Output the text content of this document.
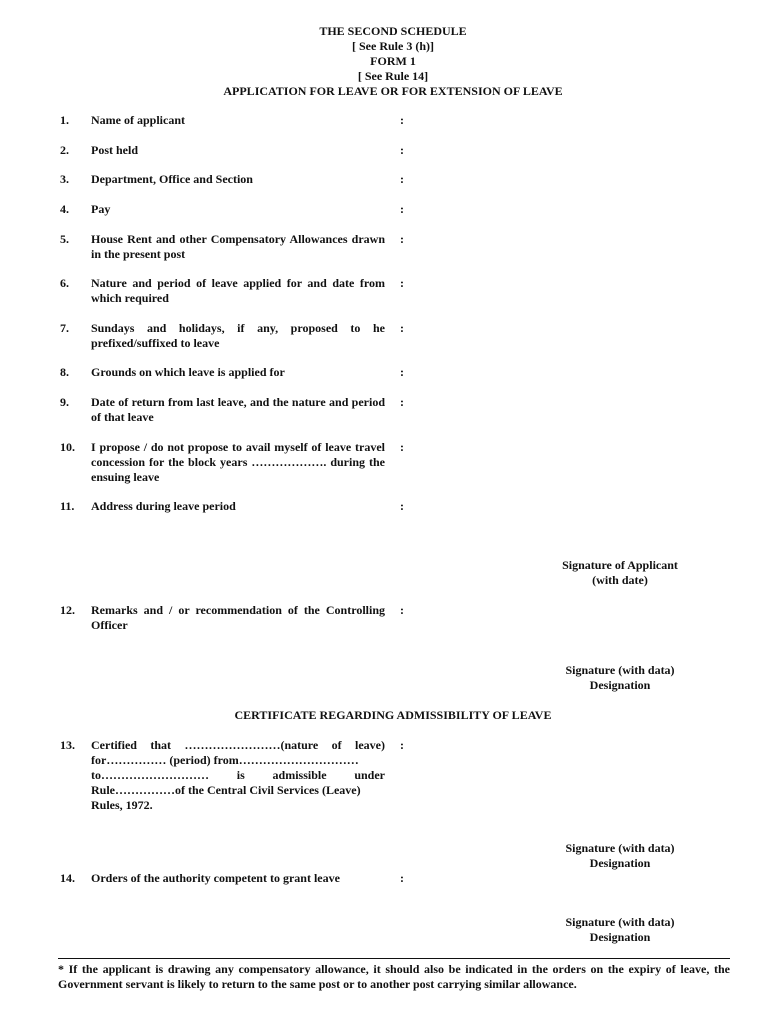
THE SECOND SCHEDULE
[ See Rule 3 (h)]
FORM 1
[ See Rule 14]
APPLICATION FOR LEAVE OR FOR EXTENSION OF LEAVE
1. Name of applicant	:
2. Post held	:
3. Department, Office and Section	:
4. Pay	:
5. House Rent and other Compensatory Allowances drawn in the present post
:
6. Nature and period of leave applied for and date from which required
:
7. Sundays and holidays, if any, proposed to he prefixed/suffixed to leave
:
8. Grounds on which leave is applied for	:
9. Date of return from last leave, and the nature and period of that leave
:
10. I propose / do not propose to avail myself of leave travel concession for the block years ………………. during the ensuing leave
:
11. Address during leave period	:
Signature of Applicant
(with date)
12. Remarks and / or recommendation of the Controlling Officer
:
Signature (with data)
Designation
CERTIFICATE REGARDING ADMISSIBILITY OF LEAVE
13. Certified that ……………………(nature of leave)
for…………… (period) from…………………………
to……………………… is admissible under
Rule……………of the Central Civil Services (Leave)
Rules, 1972.
:
Signature (with data)
Designation
14. Orders of the authority competent to grant leave	:
Signature (with data)
Designation
* If the applicant is drawing any compensatory allowance, it should also be indicated in the orders on the expiry of leave, the Government servant is likely to return to the same post or to another post carrying similar allowance.
